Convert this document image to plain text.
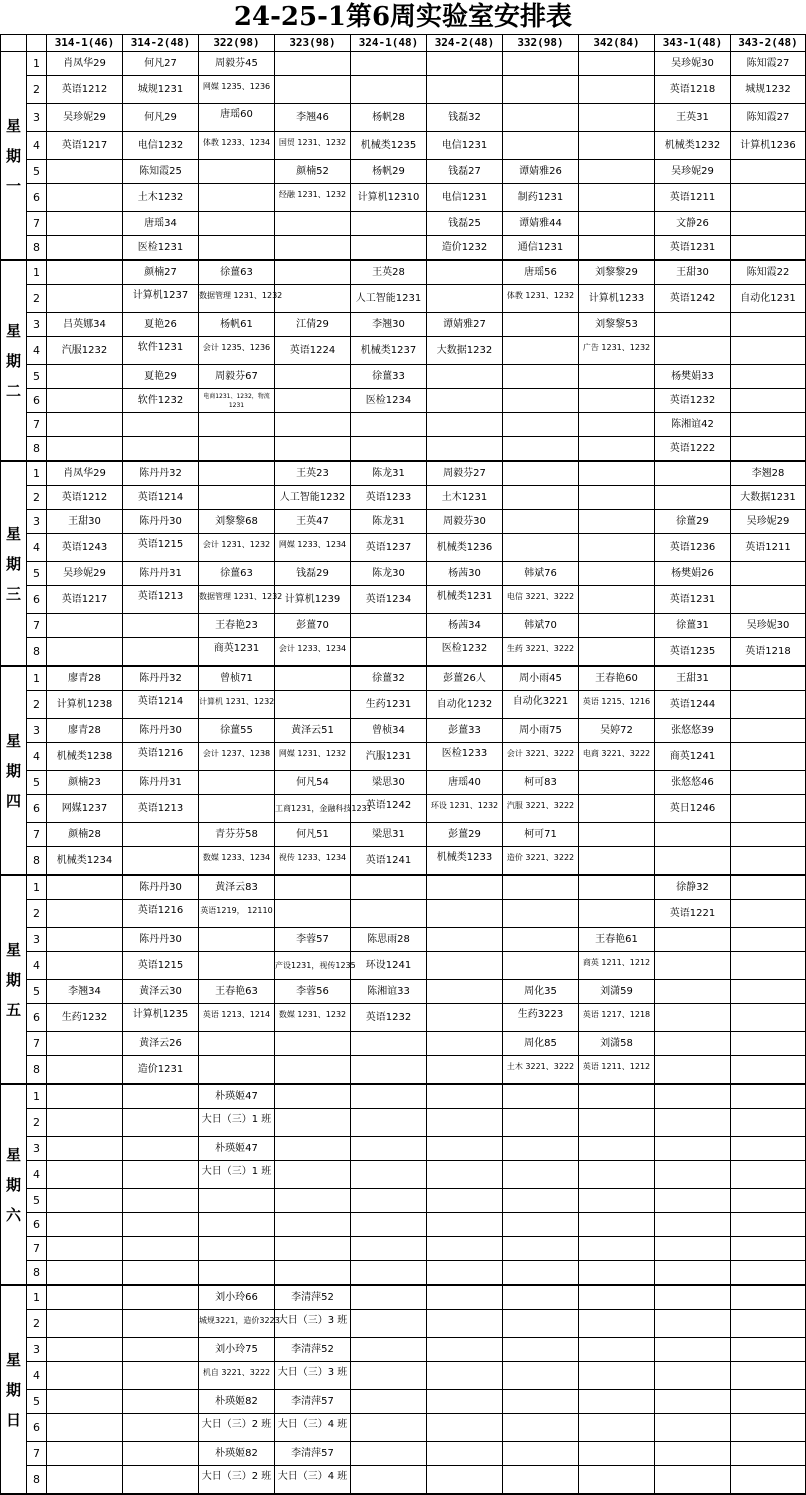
24-25-1第6周实验室安排表
		314-1(46)	314-2(48)	322(98)	323(98)	324-1(48)	324-2(48)	332(98)	342(84)	343-1(48)	343-2(48)

星
期
一	1	肖凤华29	何凡27	周毅芬45						吴珍妮30	陈知霞27
	2	英语1212	城规1231	网媒 1235、1236						英语1218	城规1232
	3	吴珍妮29	何凡29	唐瑶60	李翘46	杨帆28	钱磊32			王英31	陈知霞27
	4	英语1217	电信1232	体教 1233、1234	国贸 1231、1232	机械类1235	电信1231			机械类1232	计算机1236
	5		陈知霞25		颜楠52	杨帆29	钱磊27	谭婧雅26		吴珍妮29	
	6		土木1232		经融 1231、1232	计算机12310	电信1231	制药1231		英语1211	
	7		唐瑶34				钱磊25	谭婧雅44		文静26	
	8		医检1231				造价1232	通信1231		英语1231	

星
期
二	1		颜楠27	徐薑63		王英28		唐瑶56	刘黎黎29	王甜30	陈知霞22
	2		计算机1237	数据管理 1231、1232		人工智能1231		体教 1231、1232	计算机1233	英语1242	自动化1231
	3	吕英娜34	夏艳26	杨帆61	江倩29	李翘30	谭婧雅27		刘黎黎53		
	4	汽服1232	软件1231	会计 1235、1236	英语1224	机械类1237	大数据1232		广告 1231、1232		
	5		夏艳29	周毅芬67		徐薑33				杨樊娟33	
	6		软件1232	电商1231、1232，物流1231		医检1234				英语1232	
	7									陈湘谊42	
	8									英语1222	

星
期
三	1	肖凤华29	陈丹丹32		王英23	陈龙31	周毅芬27				李翘28
	2	英语1212	英语1214		人工智能1232	英语1233	土木1231				大数据1231
	3	王甜30	陈丹丹30	刘黎黎68	王英47	陈龙31	周毅芬30			徐薑29	吴珍妮29
	4	英语1243	英语1215	会计 1231、1232	网媒 1233、1234	英语1237	机械类1236			英语1236	英语1211
	5	吴珍妮29	陈丹丹31	徐薑63	钱磊29	陈龙30	杨茜30	韩斌76		杨樊娟26	
	6	英语1217	英语1213	数据管理 1231、1232	计算机1239	英语1234	机械类1231	电信 3221、3222		英语1231	
	7			王春艳23	彭薑70		杨茜34	韩斌70		徐薑31	吴珍妮30
	8			商英1231	会计 1233、1234		医检1232	生药 3221、3222		英语1235	英语1218

星
期
四	1	廖青28	陈丹丹32	曾桢71		徐薑32	彭薑26人	周小雨45	王春艳60	王甜31	
	2	计算机1238	英语1214	计算机 1231、1232		生药1231	自动化1232	自动化3221	英语 1215、1216	英语1244	
	3	廖青28	陈丹丹30	徐薑55	黄泽云51	曾桢34	彭薑33	周小雨75	吴婷72	张悠悠39	
	4	机械类1238	英语1216	会计 1237、1238	网媒 1231、1232	汽服1231	医检1233	会计 3221、3222	电商 3221、3222	商英1241	
	5	颜楠23	陈丹丹31		何凡54	梁思30	唐瑶40	柯可83		张悠悠46	
	6	网媒1237	英语1213		工商1231，金融科技1231	英语1242	环设 1231、1232	汽服 3221、3222		英日1246	
	7	颜楠28		青芬芬58	何凡51	梁思31	彭薑29	柯可71			
	8	机械类1234		数媒 1233、1234	视传 1233、1234	英语1241	机械类1233	造价 3221、3222			

星
期
五	1		陈丹丹30	黄泽云83						徐静32	
	2		英语1216	英语1219， 12110						英语1221	
	3		陈丹丹30		李蓉57	陈思雨28			王春艳61		
	4		英语1215		产设1231，视传1235	环设1241			商英 1211、1212		
	5	李翘34	黄泽云30	王春艳63	李蓉56	陈湘谊33		周化35	刘潇59		
	6	生药1232	计算机1235	英语 1213、1214	数媒 1231、1232	英语1232		生药3223	英语 1217、1218		
	7		黄泽云26					周化85	刘潇58		
	8		造价1231					土木 3221、3222	英语 1211、1212		

星
期
六	1			朴瑛姬47							
	2			大日（三）1 班							
	3			朴瑛姬47							
	4			大日（三）1 班							
	5										
	6										
	7										
	8										

星
期
日	1			刘小玲66	李清萍52						
	2			城规3221，造价3223	大日（三）3 班						
	3			刘小玲75	李清萍52						
	4			机自 3221、3222	大日（三）3 班						
	5			朴瑛姬82	李清萍57						
	6			大日（三）2 班	大日（三）4 班						
	7			朴瑛姬82	李清萍57						
	8			大日（三）2 班	大日（三）4 班						
